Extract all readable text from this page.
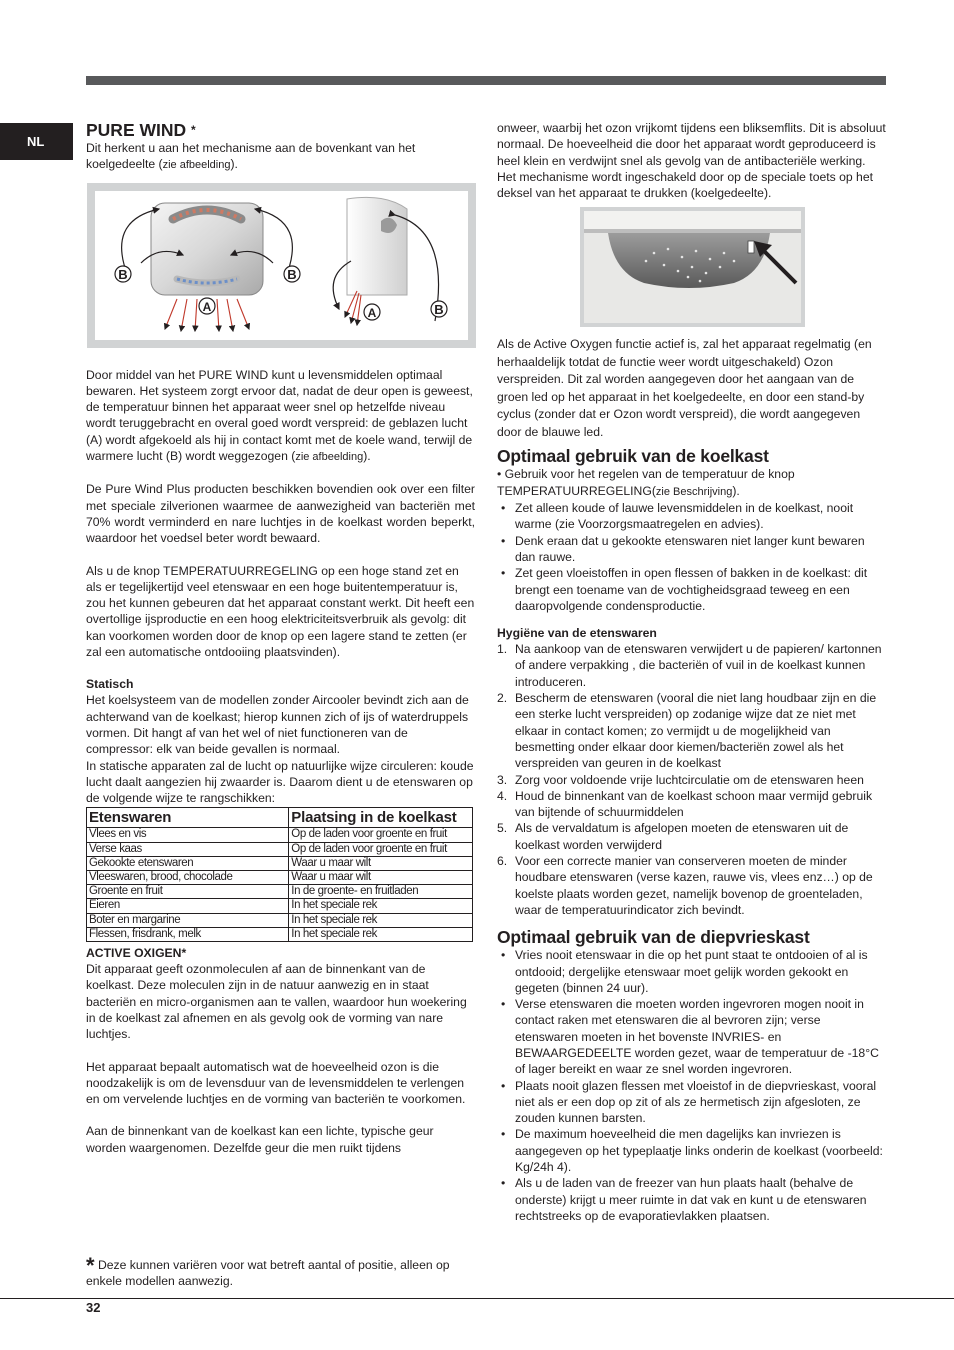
NL
PURE WIND *

Dit herkent u aan het mechanisme aan de bovenkant van het koelgedeelte (zie afbeelding).

B	B
A	A	B

Door middel van het PURE WIND kunt u levensmiddelen optimaal bewaren. Het systeem zorgt ervoor dat, nadat de deur open is geweest, de temperatuur binnen het apparaat weer snel op hetzelfde niveau wordt teruggebracht en overal goed wordt verspreid: de geblazen lucht (A) wordt afgekoeld als hij in contact komt met de koele wand, terwijl de warmere lucht (B) wordt weggezogen (zie afbeelding).

De Pure Wind Plus producten beschikken bovendien ook over een filter met speciale zilverionen waarmee de aanwezigheid van bacteriën met 70% wordt verminderd en nare luchtjes in de koelkast worden beperkt, waardoor het voedsel beter wordt bewaard.

Als u de knop TEMPERATUURREGELING op een hoge stand zet en als er tegelijkertijd veel etenswaar en een hoge buitentemperatuur is, zou het kunnen gebeuren dat het apparaat constant werkt. Dit heeft een overtollige ijsproductie en een hoog elektriciteitsverbruik als gevolg: dit kan voorkomen worden door de knop op een lagere stand te zetten (er zal een automatische ontdooiing plaatsvinden).

Statisch

Het koelsysteem van de modellen zonder Aircooler bevindt zich aan de achterwand van de koelkast; hierop kunnen zich of ijs of waterdruppels vormen. Dit hangt af van het wel of niet functioneren van de compressor: elk van beide gevallen is normaal.

In statische apparaten zal de lucht op natuurlijke wijze circuleren: koude lucht daalt aangezien hij zwaarder is. Daarom dient u de etenswaren op de volgende wijze te rangschikken:

Etenswaren	Plaatsing in de koelkast
Vlees en vis	Op de laden voor groente en fruit
Verse kaas	Op de laden voor groente en fruit
Gekookte etenswaren	Waar u maar wilt
Vleeswaren, brood, chocolade	Waar u maar wilt
Groente en fruit	In de groente- en fruitladen
Eieren	In het speciale rek
Boter en margarine	In het speciale rek
Flessen, frisdrank, melk	In het speciale rek
ACTIVE OXIGEN*

Dit apparaat geeft ozonmoleculen af aan de binnenkant van de koelkast. Deze moleculen zijn in de natuur aanwezig en in staat bacteriën en micro-organismen aan te vallen, waardoor hun woekering in de koelkast zal afnemen en als gevolg ook de vorming van nare luchtjes.

Het apparaat bepaalt automatisch wat de hoeveelheid ozon is die noodzakelijk is om de levensduur van de levensmiddelen te verlengen en om vervelende luchtjes en de vorming van bacteriën te voorkomen.

Aan de binnenkant van de koelkast kan een lichte, typische geur worden waargenomen. Dezelfde geur die men ruikt tijdens

* Deze kunnen variëren voor wat betreft aantal of positie, alleen op enkele modellen aanwezig.

onweer, waarbij het ozon vrijkomt tijdens een bliksemflits. Dit is absoluut normaal. De hoeveelheid die door het apparaat wordt geproduceerd is heel klein en verdwijnt snel als gevolg van de antibacteriële werking.

Het mechanisme wordt ingeschakeld door op de speciale toets op het deksel van het apparaat te drukken (koelgedeelte).

Als de Active Oxygen functie actief is, zal het apparaat regelmatig (en herhaaldelijk totdat de functie weer wordt uitgeschakeld) Ozon verspreiden. Dit zal worden aangegeven door het aangaan van de groen led op het apparaat in het koelgedeelte, en door een stand-by cyclus (zonder dat er Ozon wordt verspreid), die wordt aangegeven door de blauwe led.

Optimaal gebruik van de koelkast

• Gebruik voor het regelen van de temperatuur de knop TEMPERATUURREGELING(zie Beschrijving).

• Zet alleen koude of lauwe levensmiddelen in de koelkast, nooit warme (zie Voorzorgsmaatregelen en advies).
• Denk eraan dat u gekookte etenswaren niet langer kunt bewaren dan rauwe.
• Zet geen vloeistoffen in open flessen of bakken in de koelkast: dit brengt een toename van de vochtigheidsgraad teweeg en een daaropvolgende condensproductie.
Hygiëne van de etenswaren
1. Na aankoop van de etenswaren verwijdert u de papieren/ kartonnen of andere verpakking , die bacteriën of vuil in de koelkast kunnen introduceren.
2. Bescherm de etenswaren (vooral die niet lang houdbaar zijn en die een sterke lucht verspreiden) op zodanige wijze dat ze niet met elkaar in contact komen; zo vermijdt u de mogelijkheid van besmetting onder elkaar door kiemen/bacteriën zowel als het verspreiden van geuren in de koelkast
3. Zorg voor voldoende vrije luchtcirculatie om de etenswaren heen
4. Houd de binnenkant van de koelkast schoon maar vermijd gebruik van bijtende of schuurmiddelen
5. Als de vervaldatum is afgelopen moeten de etenswaren uit de koelkast worden verwijderd
6. Voor een correcte manier van conserveren moeten de minder houdbare etenswaren (verse kazen, rauwe vis, vlees enz…) op de koelste plaats worden gezet, namelijk bovenop de groenteladen, waar de temperatuurindicator zich bevindt.
Optimaal gebruik van de diepvrieskast
• Vries nooit etenswaar in die op het punt staat te ontdooien of al is ontdooid; dergelijke etenswaar moet gelijk worden gekookt en gegeten (binnen 24 uur).
• Verse etenswaren die moeten worden ingevroren mogen nooit in contact raken met etenswaren die al bevroren zijn; verse etenswaren moeten in het bovenste INVRIES- en BEWAARGEDEELTE worden gezet, waar de temperatuur de -18°C of lager bereikt en waar ze snel worden ingevroren.
• Plaats nooit glazen flessen met vloeistof in de diepvrieskast, vooral niet als er een dop op zit of als ze hermetisch zijn afgesloten, ze zouden kunnen barsten.
• De maximum hoeveelheid die men dagelijks kan invriezen is aangegeven op het typeplaatje links onderin de koelkast (voorbeeld: Kg/24h 4).
• Als u de laden van de freezer van hun plaats haalt (behalve de onderste) krijgt u meer ruimte in dat vak en kunt u de etenswaren rechtstreeks op de evaporatievlakken plaatsen.
32
